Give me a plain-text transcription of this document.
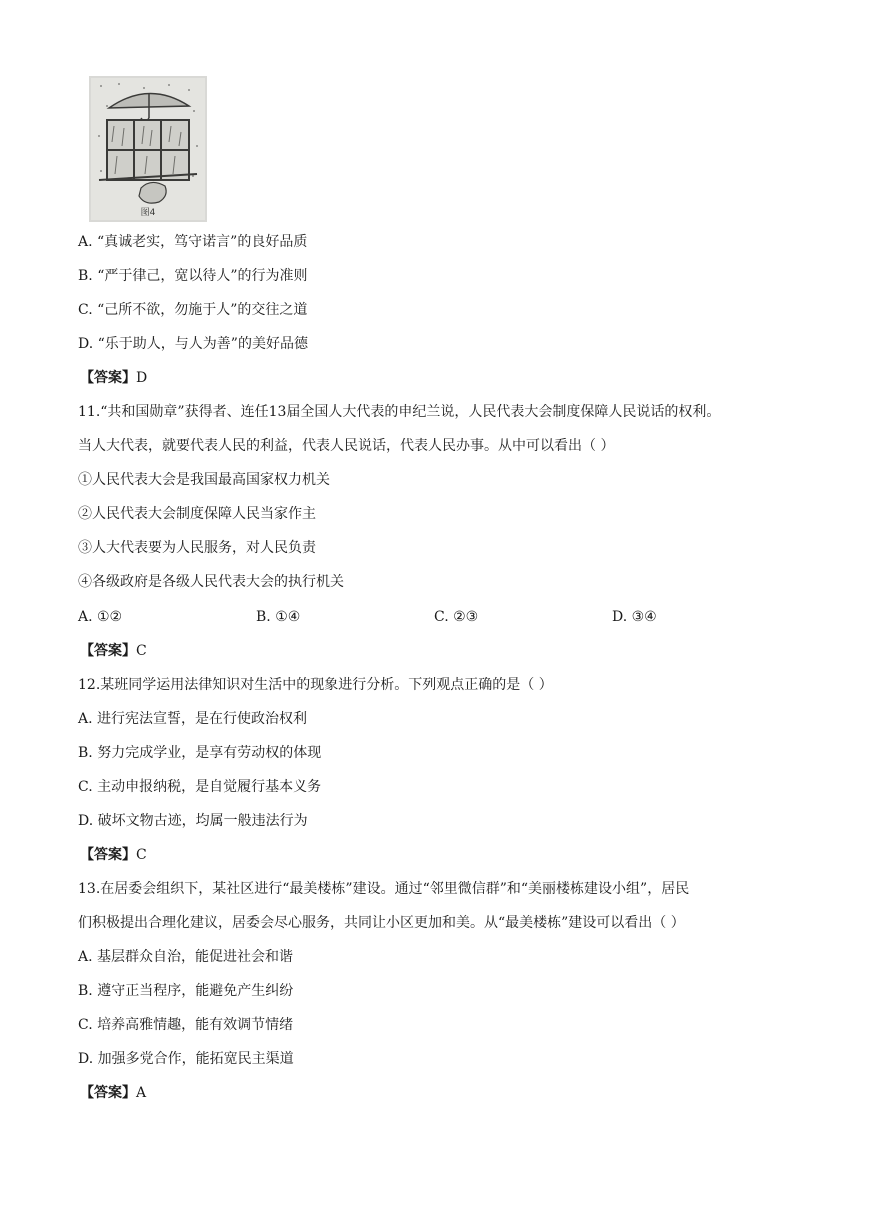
图4
A. “真诚老实，笃守诺言”的良好品质
B. “严于律己，宽以待人”的行为准则
C. “己所不欲，勿施于人”的交往之道
D. “乐于助人，与人为善”的美好品德
【答案】D
11.“共和国勋章”获得者、连任13届全国人大代表的申纪兰说，人民代表大会制度保障人民说话的权利。
当人大代表，就要代表人民的利益，代表人民说话，代表人民办事。从中可以看出（ ）
①人民代表大会是我国最高国家权力机关
②人民代表大会制度保障人民当家作主
③人大代表要为人民服务，对人民负责
④各级政府是各级人民代表大会的执行机关
A. ①②	B. ①④	C. ②③	D. ③④
【答案】C
12.某班同学运用法律知识对生活中的现象进行分析。下列观点正确的是（ ）
A. 进行宪法宣誓，是在行使政治权利
B. 努力完成学业，是享有劳动权的体现
C. 主动申报纳税，是自觉履行基本义务
D. 破坏文物古迹，均属一般违法行为
【答案】C
13.在居委会组织下，某社区进行“最美楼栋”建设。通过“邻里微信群”和“美丽楼栋建设小组”，居民
们积极提出合理化建议，居委会尽心服务，共同让小区更加和美。从“最美楼栋”建设可以看出（ ）
A. 基层群众自治，能促进社会和谐
B. 遵守正当程序，能避免产生纠纷
C. 培养高雅情趣，能有效调节情绪
D. 加强多党合作，能拓宽民主渠道
【答案】A
